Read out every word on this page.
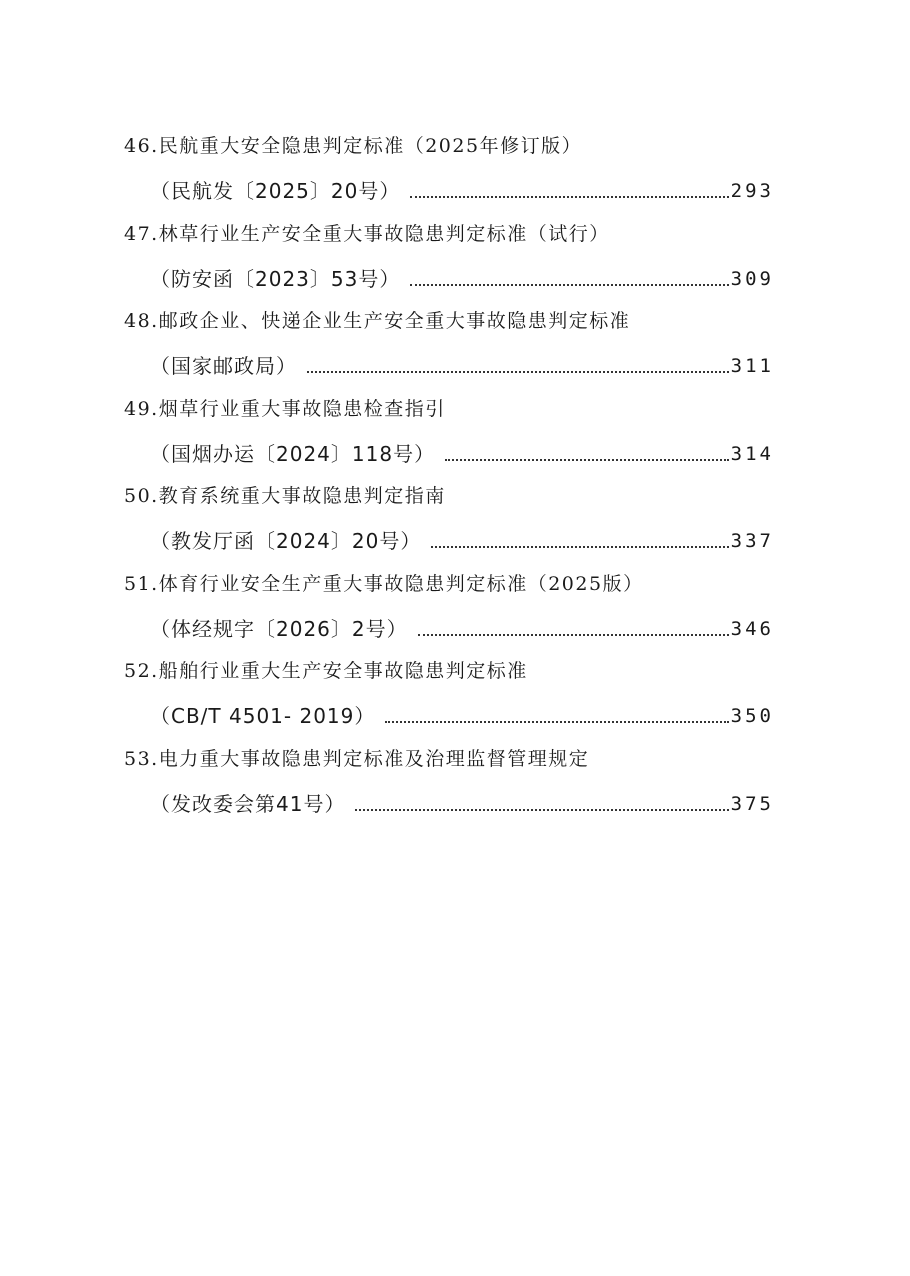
46.民航重大安全隐患判定标准（2025年修订版）
（民航发〔2025〕20号）	293
47.林草行业生产安全重大事故隐患判定标准（试行）
（防安函〔2023〕53号）	309
48.邮政企业、快递企业生产安全重大事故隐患判定标准
（国家邮政局）	311
49.烟草行业重大事故隐患检查指引
（国烟办运〔2024〕118号）	314
50.教育系统重大事故隐患判定指南
（教发厅函〔2024〕20号）	337
51.体育行业安全生产重大事故隐患判定标准（2025版）
（体经规字〔2026〕2号）	346
52.船舶行业重大生产安全事故隐患判定标准
（CB/T 4501- 2019）	350
53.电力重大事故隐患判定标准及治理监督管理规定
（发改委会第41号）	375
